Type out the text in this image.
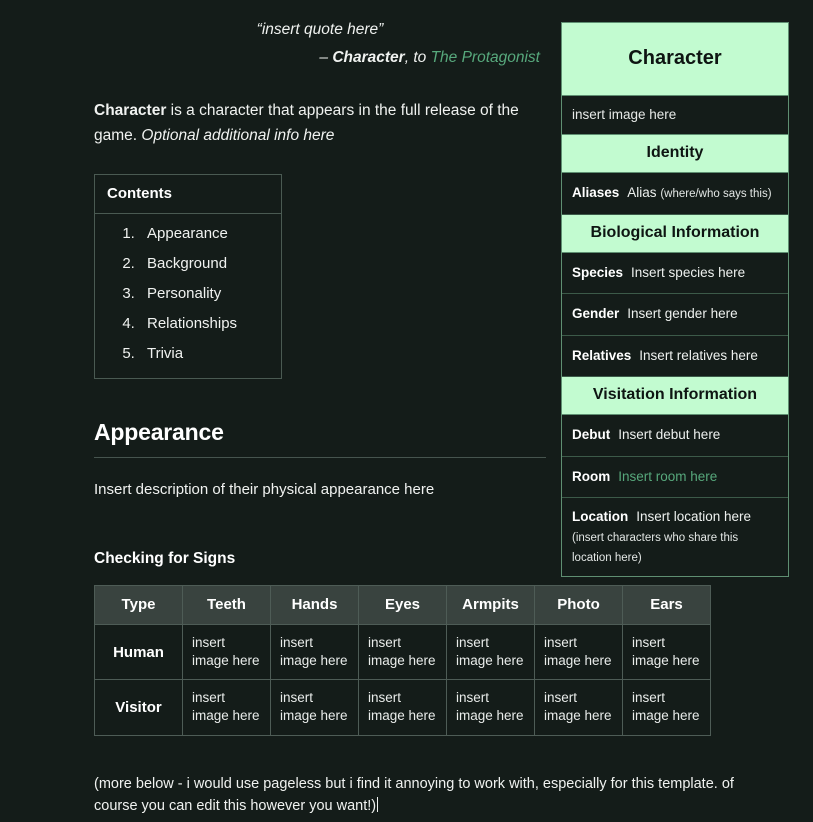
“insert quote here”

– Character, to The Protagonist

Character is a character that appears in the full release of the game. Optional additional info here

Contents
1. Appearance
2. Background
3. Personality
4. Relationships
5. Trivia
Appearance

Insert description of their physical appearance here

Checking for Signs
Type	Teeth	Hands	Eyes	Armpits	Photo	Ears
Human	insert
image here	insert
image here	insert
image here	insert
image here	insert
image here	insert
image here
Visitor	insert
image here	insert
image here	insert
image here	insert
image here	insert
image here	insert
image here
(more below - i would use pageless but i find it annoying to work with, especially for this template. of course you can edit this however you want!)
Character
insert image here
Identity
Aliases Alias (where/who says this)
Biological Information
Species Insert species here
Gender Insert gender here
Relatives Insert relatives here
Visitation Information
Debut Insert debut here
Room Insert room here
Location Insert location here (insert characters who share this location here)
